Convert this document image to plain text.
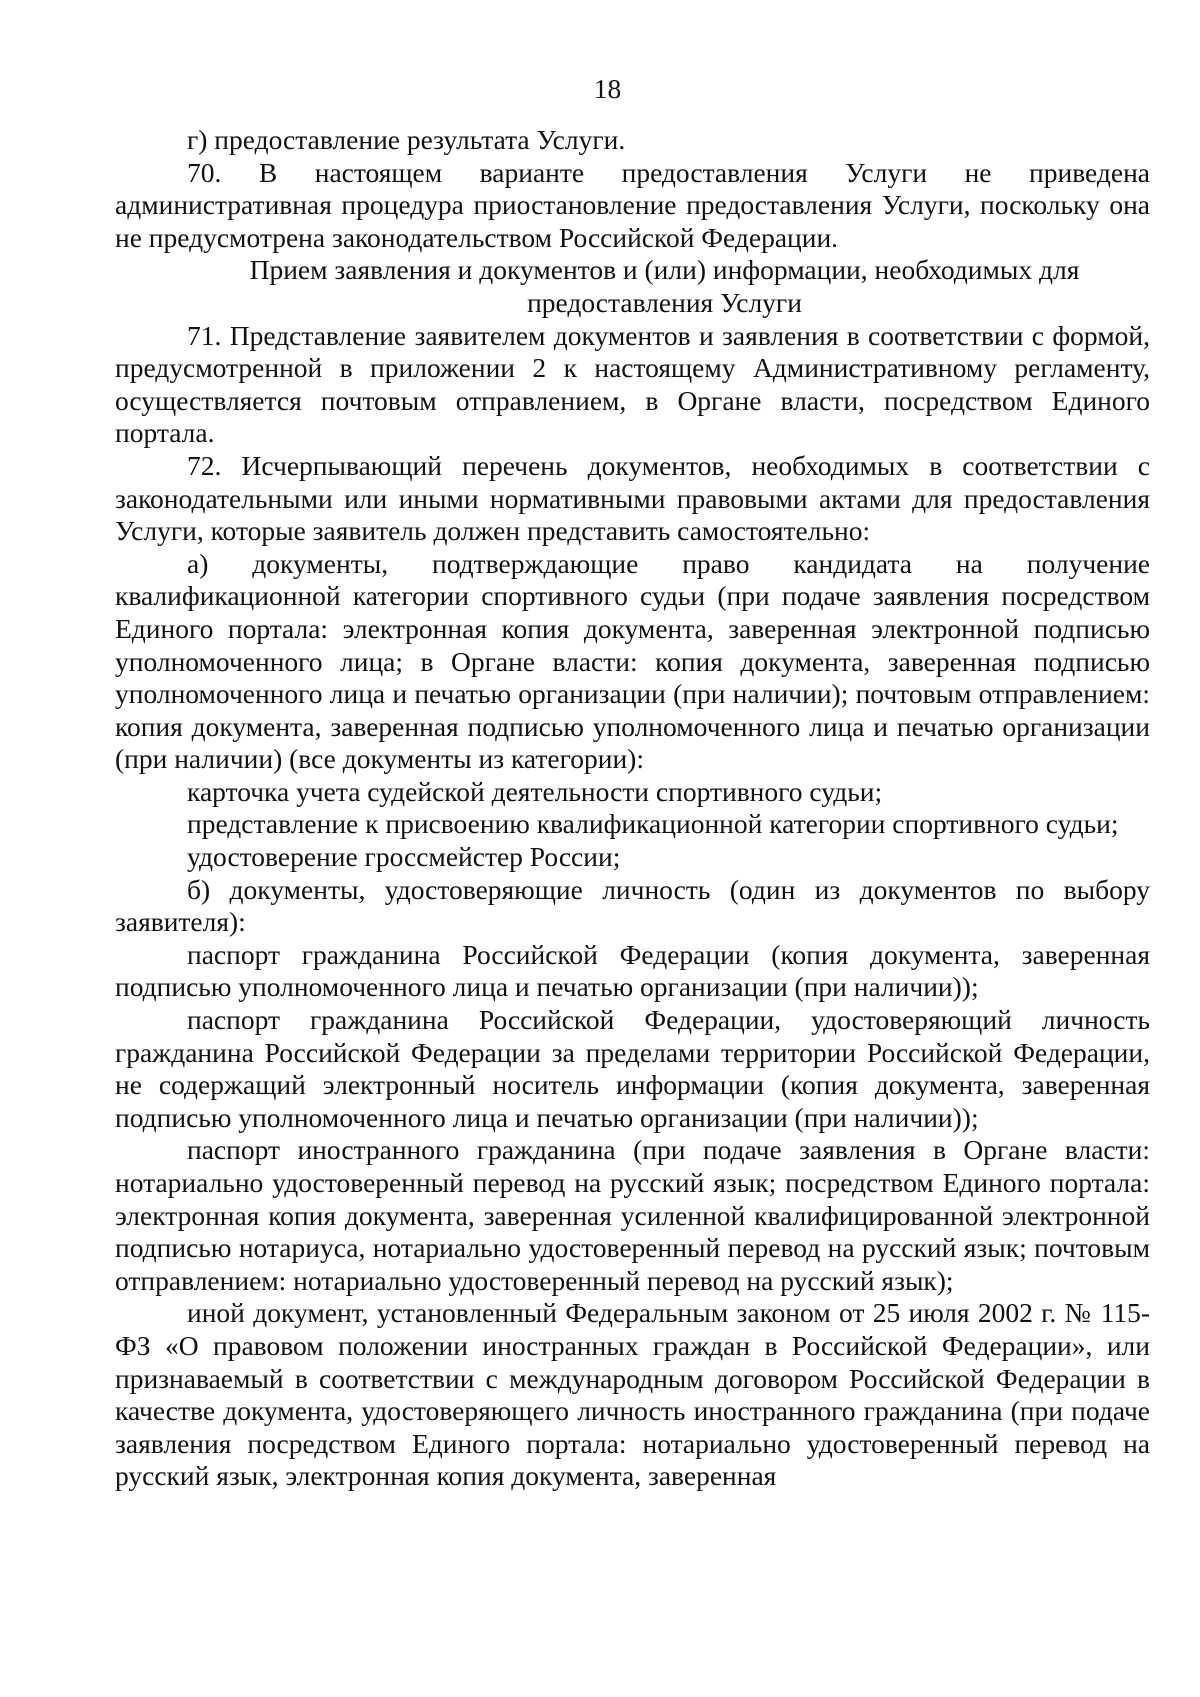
18

г) предоставление результата Услуги.

70. В настоящем варианте предоставления Услуги не приведена административная процедура приостановление предоставления Услуги, поскольку она не предусмотрена законодательством Российской Федерации.

Прием заявления и документов и (или) информации, необходимых для предоставления Услуги

71. Представление заявителем документов и заявления в соответствии с формой, предусмотренной в приложении 2 к настоящему Административному регламенту, осуществляется почтовым отправлением, в Органе власти, посредством Единого портала.

72. Исчерпывающий перечень документов, необходимых в соответствии с законодательными или иными нормативными правовыми актами для предоставления Услуги, которые заявитель должен представить самостоятельно:

а) документы, подтверждающие право кандидата на получение квалификационной категории спортивного судьи (при подаче заявления посредством Единого портала: электронная копия документа, заверенная электронной подписью уполномоченного лица; в Органе власти: копия документа, заверенная подписью уполномоченного лица и печатью организации (при наличии); почтовым отправлением: копия документа, заверенная подписью уполномоченного лица и печатью организации (при наличии) (все документы из категории):

карточка учета судейской деятельности спортивного судьи;

представление к присвоению квалификационной категории спортивного судьи;

удостоверение гроссмейстер России;

б) документы, удостоверяющие личность (один из документов по выбору заявителя):

паспорт гражданина Российской Федерации (копия документа, заверенная подписью уполномоченного лица и печатью организации (при наличии));

паспорт гражданина Российской Федерации, удостоверяющий личность гражданина Российской Федерации за пределами территории Российской Федерации, не содержащий электронный носитель информации (копия документа, заверенная подписью уполномоченного лица и печатью организации (при наличии));

паспорт иностранного гражданина (при подаче заявления в Органе власти: нотариально удостоверенный перевод на русский язык; посредством Единого портала: электронная копия документа, заверенная усиленной квалифицированной электронной подписью нотариуса, нотариально удостоверенный перевод на русский язык; почтовым отправлением: нотариально удостоверенный перевод на русский язык);

иной документ, установленный Федеральным законом от 25 июля 2002 г. № 115-ФЗ «О правовом положении иностранных граждан в Российской Федерации», или признаваемый в соответствии с международным договором Российской Федерации в качестве документа, удостоверяющего личность иностранного гражданина (при подаче заявления посредством Единого портала: нотариально удостоверенный перевод на русский язык, электронная копия документа, заверенная
